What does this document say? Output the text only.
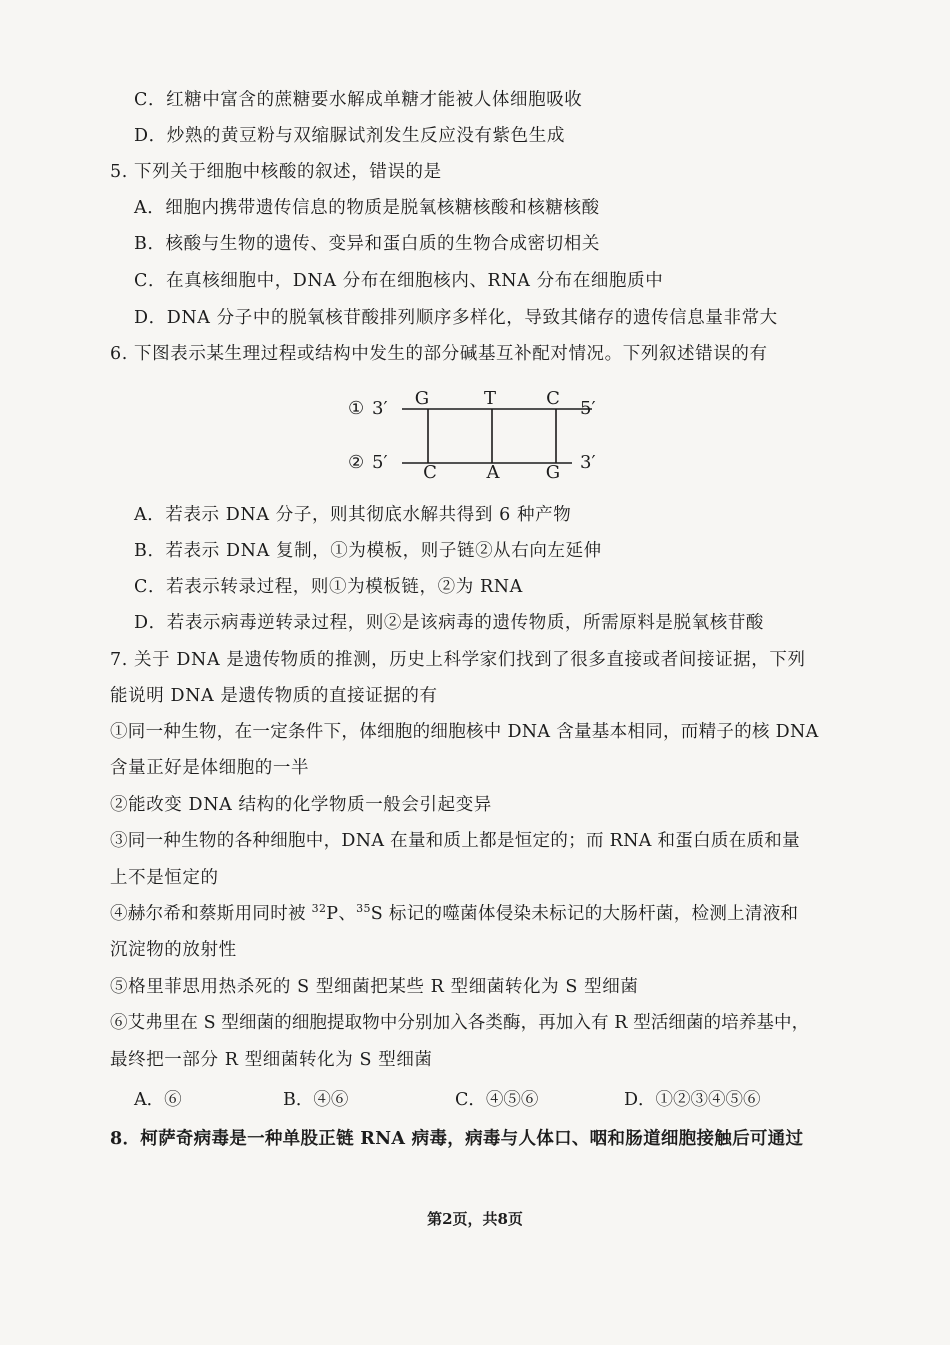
C．红糖中富含的蔗糖要水解成单糖才能被人体细胞吸收
D．炒熟的黄豆粉与双缩脲试剂发生反应没有紫色生成
5. 下列关于细胞中核酸的叙述，错误的是
A．细胞内携带遗传信息的物质是脱氧核糖核酸和核糖核酸
B．核酸与生物的遗传、变异和蛋白质的生物合成密切相关
C．在真核细胞中，DNA 分布在细胞核内、RNA 分布在细胞质中
D．DNA 分子中的脱氧核苷酸排列顺序多样化，导致其储存的遗传信息量非常大
6. 下图表示某生理过程或结构中发生的部分碱基互补配对情况。下列叙述错误的有
① 3′ G	T	C 5′
② 5′ C	A	G 3′
A．若表示 DNA 分子，则其彻底水解共得到 6 种产物
B．若表示 DNA 复制，①为模板，则子链②从右向左延伸
C．若表示转录过程，则①为模板链，②为 RNA
D．若表示病毒逆转录过程，则②是该病毒的遗传物质，所需原料是脱氧核苷酸
7. 关于 DNA 是遗传物质的推测，历史上科学家们找到了很多直接或者间接证据，下列
能说明 DNA 是遗传物质的直接证据的有
①同一种生物，在一定条件下，体细胞的细胞核中 DNA 含量基本相同，而精子的核 DNA
含量正好是体细胞的一半
②能改变 DNA 结构的化学物质一般会引起变异
③同一种生物的各种细胞中，DNA 在量和质上都是恒定的；而 RNA 和蛋白质在质和量
上不是恒定的
④赫尔希和蔡斯用同时被 $^{32}$P、$^{35}$S 标记的噬菌体侵染未标记的大肠杆菌，检测上清液和
沉淀物的放射性
⑤格里菲思用热杀死的 S 型细菌把某些 R 型细菌转化为 S 型细菌
⑥艾弗里在 S 型细菌的细胞提取物中分别加入各类酶，再加入有 R 型活细菌的培养基中，
最终把一部分 R 型细菌转化为 S 型细菌
A．⑥	B．④⑥	C．④⑤⑥	D．①②③④⑤⑥
8．柯萨奇病毒是一种单股正链 RNA 病毒，病毒与人体口、咽和肠道细胞接触后可通过
第2页，共8页
